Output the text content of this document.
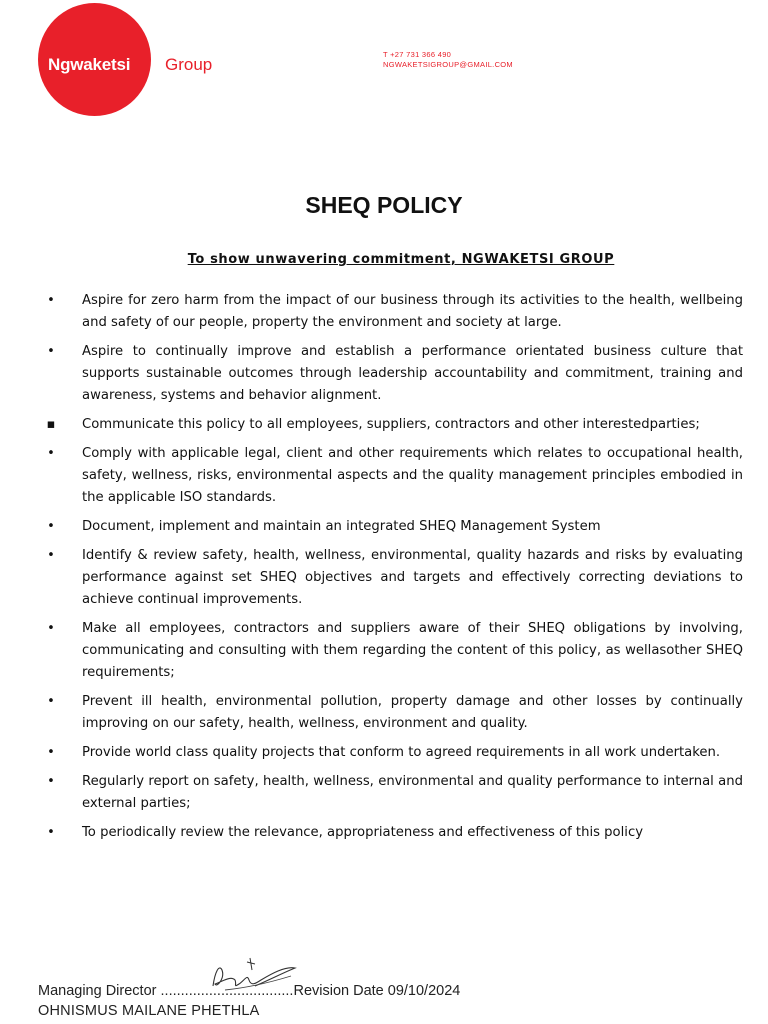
Ngwaketsi Group
T +27 731 366 490
NGWAKETSIGROUP@GMAIL.COM
SHEQ POLICY
To show unwavering commitment, NGWAKETSI GROUP
• Aspire for zero harm from the impact of our business through its activities to the health, wellbeing and safety of our people, property the environment and society at large.
• Aspire to continually improve and establish a performance orientated business culture that supports sustainable outcomes through leadership accountability and commitment, training and awareness, systems and behavior alignment.
▪ Communicate this policy to all employees, suppliers, contractors and other interestedparties;
• Comply with applicable legal, client and other requirements which relates to occupational health, safety, wellness, risks, environmental aspects and the quality management principles embodied in the applicable ISO standards.
• Document, implement and maintain an integrated SHEQ Management System
• Identify & review safety, health, wellness, environmental, quality hazards and risks by evaluating performance against set SHEQ objectives and targets and effectively correcting deviations to achieve continual improvements.
• Make all employees, contractors and suppliers aware of their SHEQ obligations by involving, communicating and consulting with them regarding the content of this policy, as wellasother SHEQ requirements;
• Prevent ill health, environmental pollution, property damage and other losses by continually improving on our safety, health, wellness, environment and quality.
• Provide world class quality projects that conform to agreed requirements in all work undertaken.
• Regularly report on safety, health, wellness, environmental and quality performance to internal and external parties;
• To periodically review the relevance, appropriateness and effectiveness of this policy
Managing Director .................................Revision Date 09/10/2024
OHNISMUS MAILANE PHETHLA
